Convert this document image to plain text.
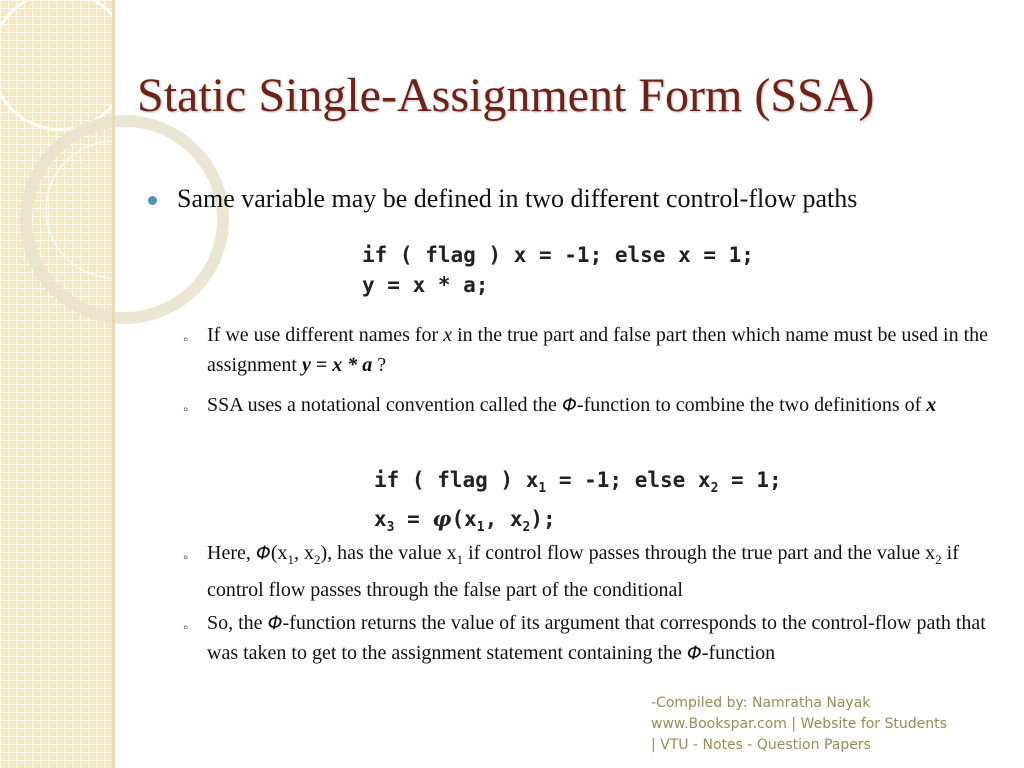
Static Single-Assignment Form (SSA)

Same variable may be defined in two different control-flow paths

if ( flag ) x = -1; else x = 1;
y = x * a;
◦ If we use different names for x in the true part and false part then which name must be used in the assignment y = x * a ?

◦ SSA uses a notational convention called the Φ-function to combine the two definitions of x

if ( flag ) $x_1 = -1$; else $x_2 = 1$;
$x_3 = \varphi(x_1$, $x_2$);
◦ Here, $\Phi(x_1$, $x_2$), has the value $x_1$ if control flow passes through the true part and the value $x_2$ if control flow passes through the false part of the conditional

◦ So, the Φ-function returns the value of its argument that corresponds to the control-flow path that was taken to get to the assignment statement containing the Φ-function

-Compiled by: Namratha Nayak
www.Bookspar.com | Website for Students
| VTU - Notes - Question Papers
